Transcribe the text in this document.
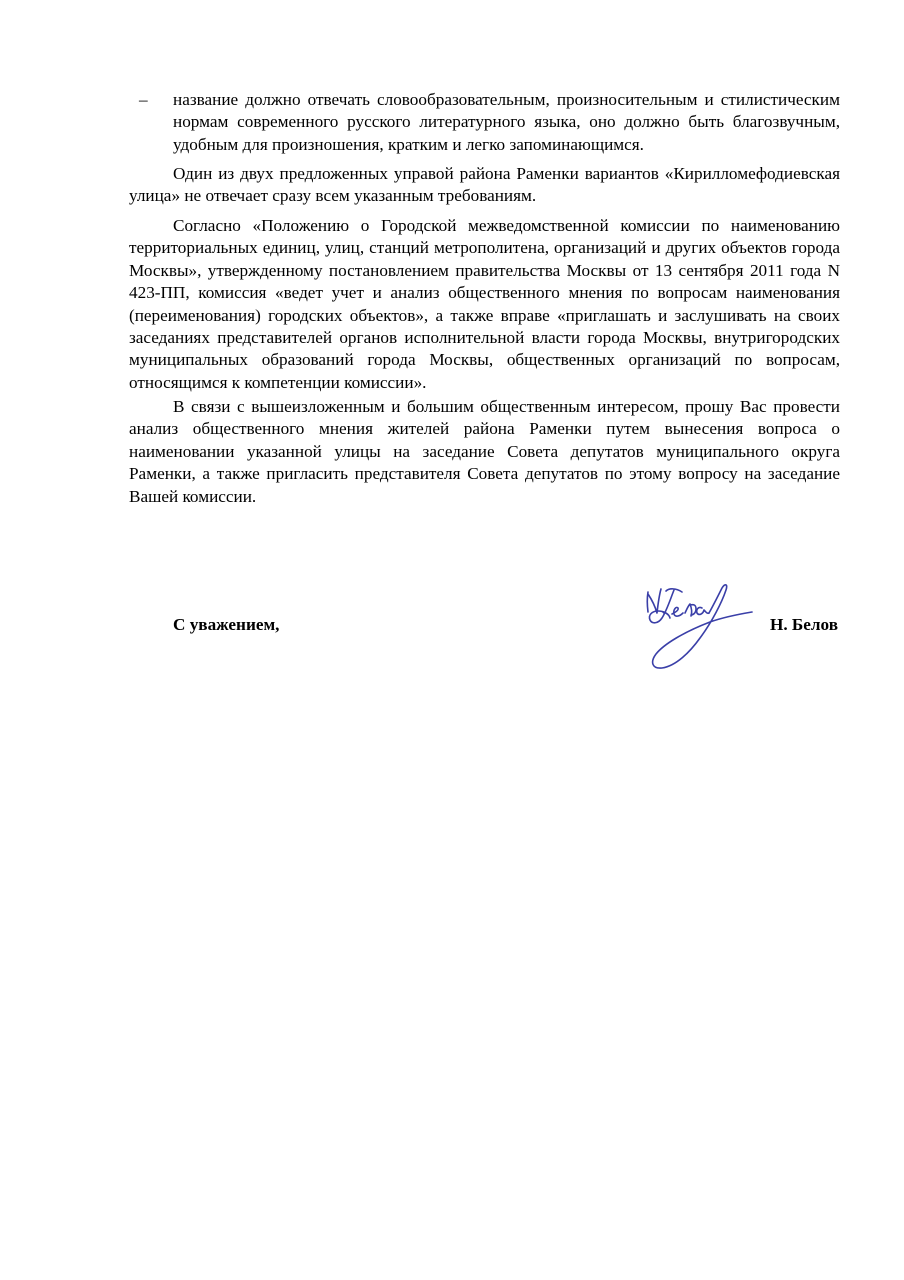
– название должно отвечать словообразовательным, произносительным и стилистическим нормам современного русского литературного языка, оно должно быть благозвучным, удобным для произношения, кратким и легко запоминающимся.
Один из двух предложенных управой района Раменки вариантов «Кирилломефодиевская улица» не отвечает сразу всем указанным требованиям.
Согласно «Положению о Городской межведомственной комиссии по наименованию территориальных единиц, улиц, станций метрополитена, организаций и других объектов города Москвы», утвержденному постановлением правительства Москвы от 13 сентября 2011 года N 423-ПП, комиссия «ведет учет и анализ общественного мнения по вопросам наименования (переименования) городских объектов», а также вправе «приглашать и заслушивать на своих заседаниях представителей органов исполнительной власти города Москвы, внутригородских муниципальных образований города Москвы, общественных организаций по вопросам, относящимся к компетенции комиссии».
В связи с вышеизложенным и большим общественным интересом, прошу Вас провести анализ общественного мнения жителей района Раменки путем вынесения вопроса о наименовании указанной улицы на заседание Совета депутатов муниципального округа Раменки, а также пригласить представителя Совета депутатов по этому вопросу на заседание Вашей комиссии.
С уважением,	Н. Белов
